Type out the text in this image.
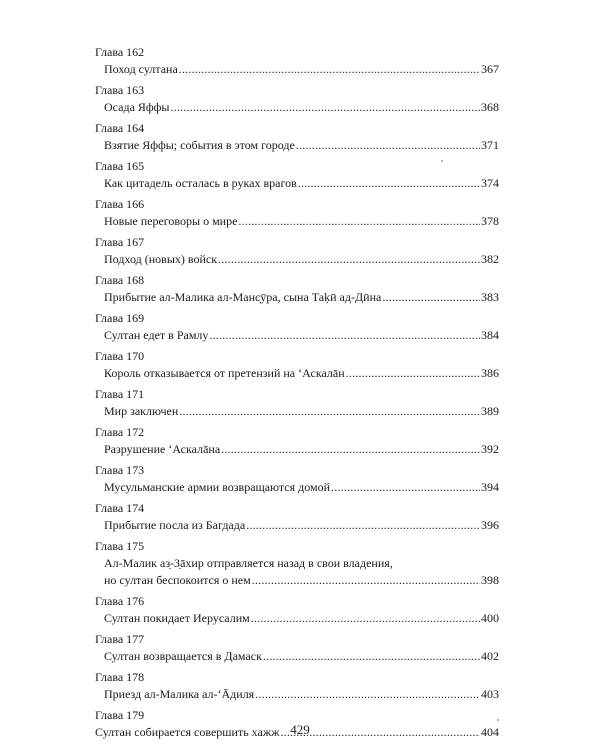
Глава 162
Поход султана .....	367
Глава 163
Осада Яффы .....	368
Глава 164
Взятие Яффы; события в этом городе .....	371
Глава 165
Как цитадель осталась в руках врагов .....	374
Глава 166
Новые переговоры о мире .....	378
Глава 167
Подход (новых) войск .....	382
Глава 168
Прибытие ал-Малика ал-Манс̣ӯра, сына Таḳӣ ад-Дӣна .....	383
Глава 169
Султан едет в Рамлу .....	384
Глава 170
Король отказывается от претензий на ‘Аскалāн .....	386
Глава 171
Мир заключен .....	389
Глава 172
Разрушение ‘Аскалāна .....	392
Глава 173
Мусульманские армии возвращаются домой .....	394
Глава 174
Прибытие посла из Багдада .....	396
Глава 175
Ал-Малик аз̣-З̣āхир отправляется назад в свои владения,
но султан беспокоится о нем .....	398
Глава 176
Султан покидает Иерусалим .....	400
Глава 177
Султан возвращается в Дамаск .....	402
Глава 178
Приезд ал-Малика ал-‘Āдиля .....	403
Глава 179
Султан собирается совершить хажж .....	404
429
